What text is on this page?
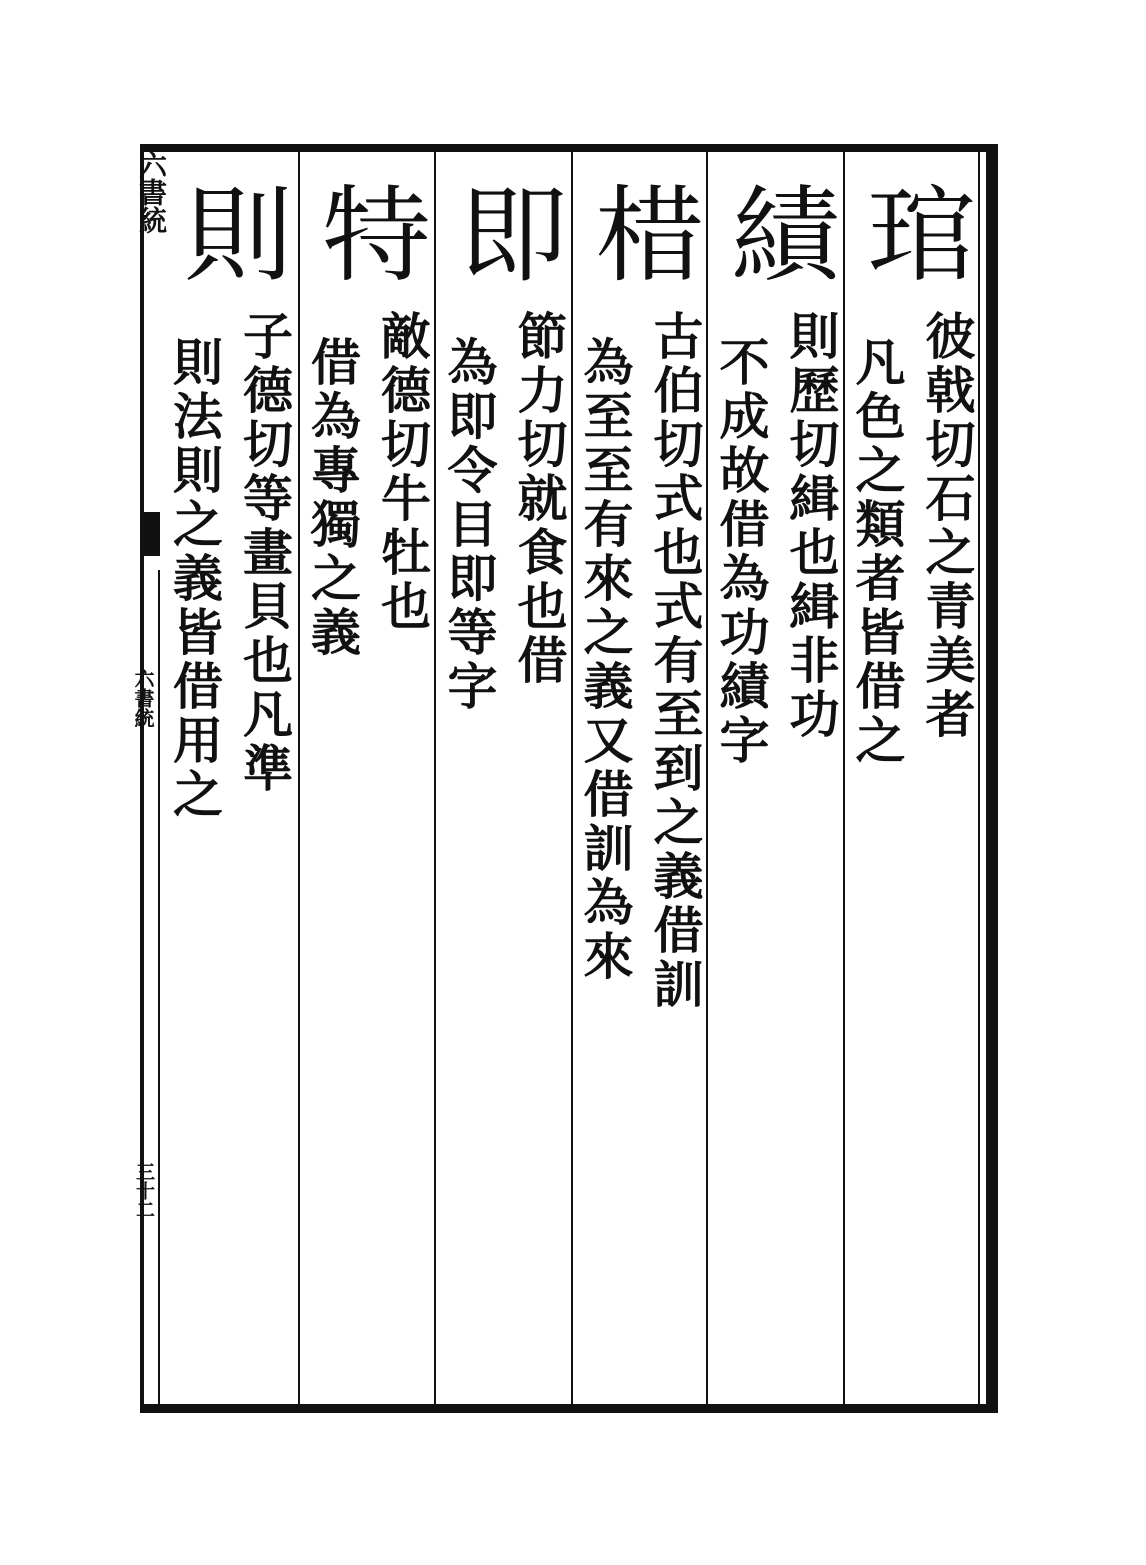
琯
彼戟切石之青美者
凡色之類者皆借之
績
則歷切緝也緝非功
不成故借為功績字
棤
古伯切式也式有至到之義借訓
為至至有來之義又借訓為來
即
節力切就食也借
為即令目即等字
特
敵德切牛牡也
借為專獨之義
則
子德切等畫貝也凡準
則法則之義皆借用之
六書統
六書統
三十二
